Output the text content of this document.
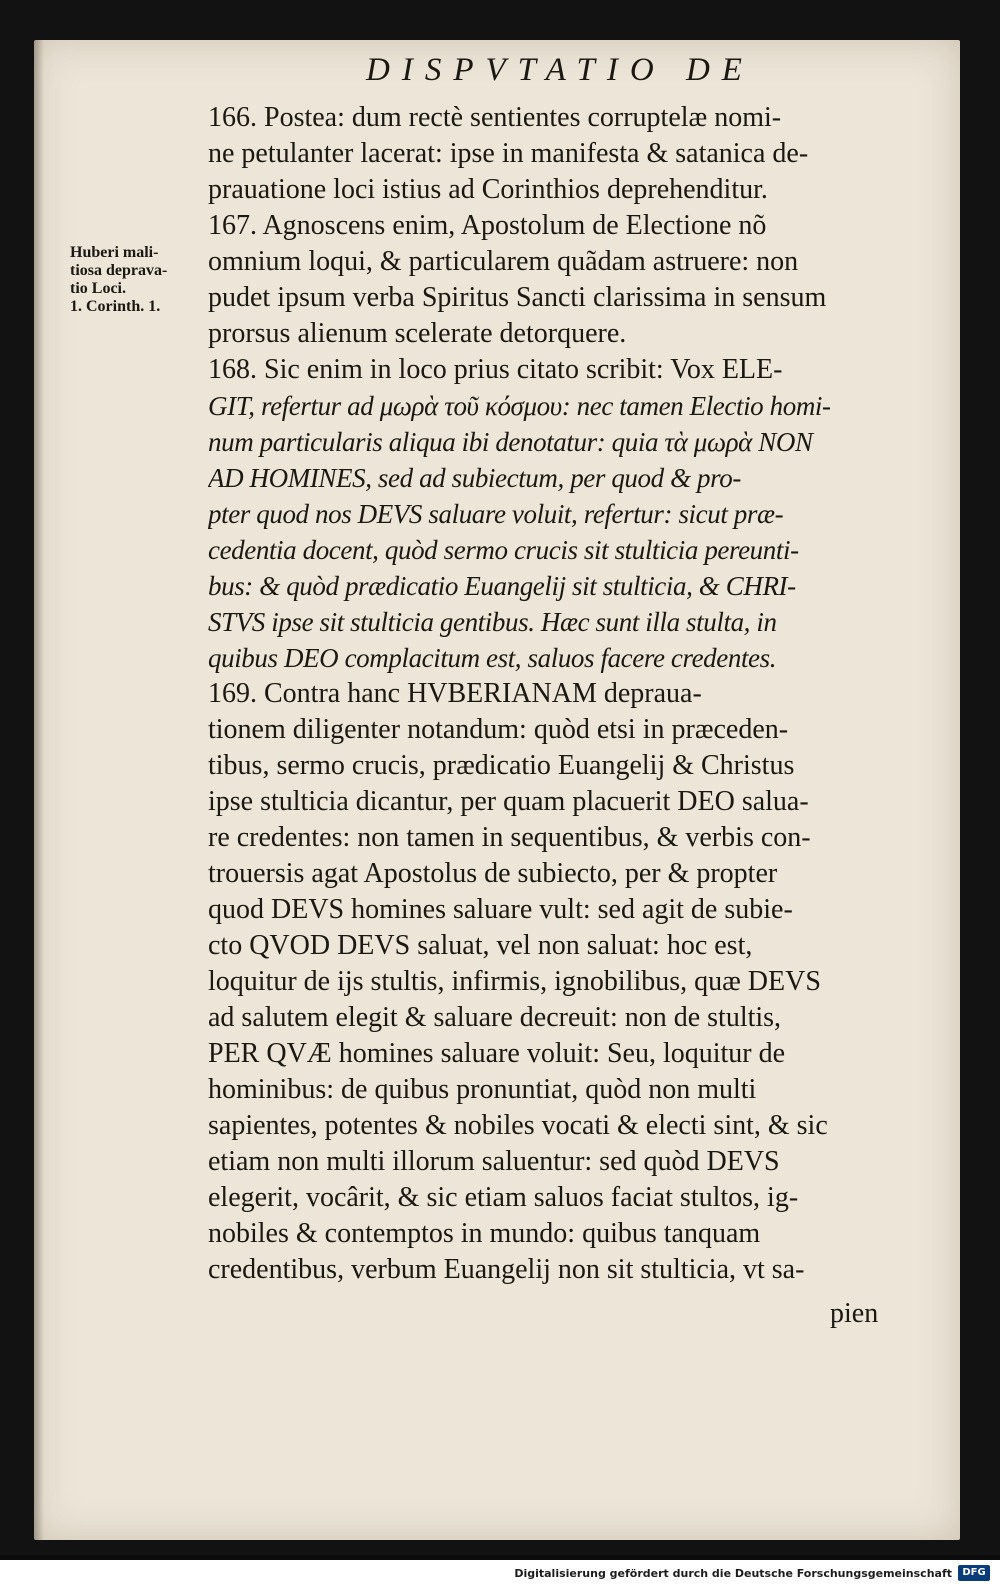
DISPVTATIO DE
Huberi mali-
tiosa deprava-
tio Loci.
1. Corinth. 1.
166. Postea: dum rectè sentientes corruptelæ nomi-
ne petulanter lacerat: ipse in manifesta & satanica de-
prauatione loci istius ad Corinthios deprehenditur.
167. Agnoscens enim, Apostolum de Electione nõ
omnium loqui, & particularem quãdam astruere: non
pudet ipsum verba Spiritus Sancti clarissima in sensum
prorsus alienum scelerate detorquere.
168. Sic enim in loco prius citato scribit: Vox ELE-
GIT, refertur ad μωρὰ τοῦ κόσμου: nec tamen Electio homi-
num particularis aliqua ibi denotatur: quia τὰ μωρὰ NON
AD HOMINES, sed ad subiectum, per quod & pro-
pter quod nos DEVS saluare voluit, refertur: sicut præ-
cedentia docent, quòd sermo crucis sit stulticia pereunti-
bus: & quòd prædicatio Euangelij sit stulticia, & CHRI-
STVS ipse sit stulticia gentibus. Hæc sunt illa stulta, in
quibus DEO complacitum est, saluos facere credentes.
169. Contra hanc HVBERIANAM deprauа-
tionem diligenter notandum: quòd etsi in præceden-
tibus, sermo crucis, prædicatio Euangelij & Christus
ipse stulticia dicantur, per quam placuerit DEO salua-
re credentes: non tamen in sequentibus, & verbis con-
trouersis agat Apostolus de subiecto, per & propter
quod DEVS homines saluare vult: sed agit de subie-
cto QVOD DEVS saluat, vel non saluat: hoc est,
loquitur de ijs stultis, infirmis, ignobilibus, quæ DEVS
ad salutem elegit & saluare decreuit: non de stultis,
PER QVÆ homines saluare voluit: Seu, loquitur de
hominibus: de quibus pronuntiat, quòd non multi
sapientes, potentes & nobiles vocati & electi sint, & sic
etiam non multi illorum saluentur: sed quòd DEVS
elegerit, vocârit, & sic etiam saluos faciat stultos, ig-
nobiles & contemptos in mundo: quibus tanquam
credentibus, verbum Euangelij non sit stulticia, vt sa-
pien
Digitalisierung gefördert durch die Deutsche Forschungsgemeinschaft	DFG
